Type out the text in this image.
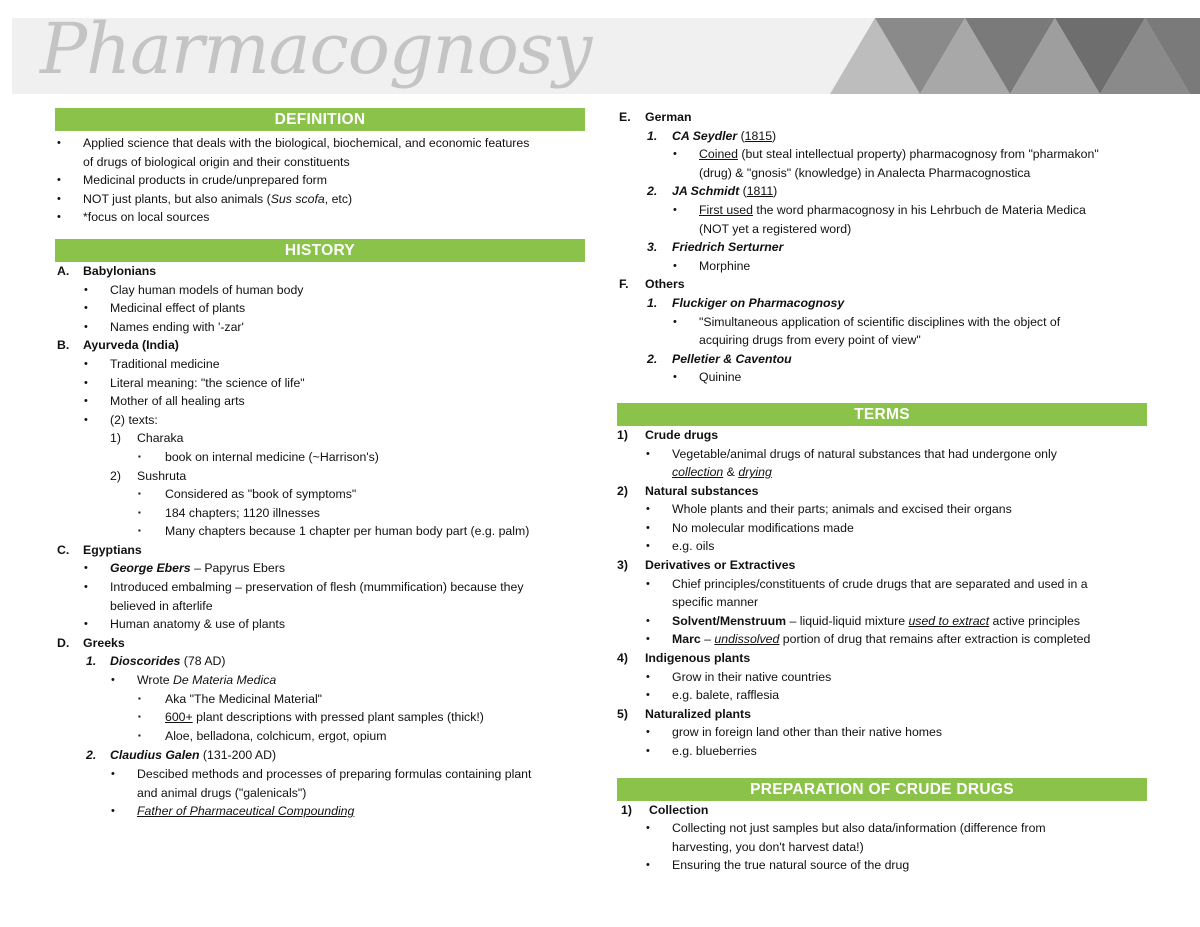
Pharmacognosy
DEFINITION
• Applied science that deals with the biological, biochemical, and economic features
of drugs of biological origin and their constituents
• Medicinal products in crude/unprepared form
• NOT just plants, but also animals (Sus scofa, etc)
• *focus on local sources
HISTORY
A. Babylonians
• Clay human models of human body
• Medicinal effect of plants
• Names ending with '-zar'
B. Ayurveda (India)
• Traditional medicine
• Literal meaning: "the science of life"
• Mother of all healing arts
• (2) texts:
1) Charaka
▪ book on internal medicine (~Harrison's)
2) Sushruta
▪ Considered as "book of symptoms"
▪ 184 chapters; 1120 illnesses
▪ Many chapters because 1 chapter per human body part (e.g. palm)
C. Egyptians
• George Ebers – Papyrus Ebers
• Introduced embalming – preservation of flesh (mummification) because they
believed in afterlife
• Human anatomy & use of plants
D. Greeks
1. Dioscorides (78 AD)
• Wrote De Materia Medica
▪ Aka "The Medicinal Material"
▪ 600+ plant descriptions with pressed plant samples (thick!)
▪ Aloe, belladona, colchicum, ergot, opium
2. Claudius Galen (131-200 AD)
• Descibed methods and processes of preparing formulas containing plant
and animal drugs ("galenicals")
• Father of Pharmaceutical Compounding
E. German
1. CA Seydler (1815)
• Coined (but steal intellectual property) pharmacognosy from "pharmakon"
(drug) & "gnosis" (knowledge) in Analecta Pharmacognostica
2. JA Schmidt (1811)
• First used the word pharmacognosy in his Lehrbuch de Materia Medica
(NOT yet a registered word)
3. Friedrich Serturner
• Morphine
F. Others
1. Fluckiger on Pharmacognosy
• "Simultaneous application of scientific disciplines with the object of
acquiring drugs from every point of view"
2. Pelletier & Caventou
• Quinine
TERMS
1) Crude drugs
• Vegetable/animal drugs of natural substances that had undergone only
collection & drying
2) Natural substances
• Whole plants and their parts; animals and excised their organs
• No molecular modifications made
• e.g. oils
3) Derivatives or Extractives
• Chief principles/constituents of crude drugs that are separated and used in a
specific manner
• Solvent/Menstruum – liquid-liquid mixture used to extract active principles
• Marc – undissolved portion of drug that remains after extraction is completed
4) Indigenous plants
• Grow in their native countries
• e.g. balete, rafflesia
5) Naturalized plants
• grow in foreign land other than their native homes
• e.g. blueberries
PREPARATION OF CRUDE DRUGS
1) Collection
• Collecting not just samples but also data/information (difference from
harvesting, you don't harvest data!)
• Ensuring the true natural source of the drug
